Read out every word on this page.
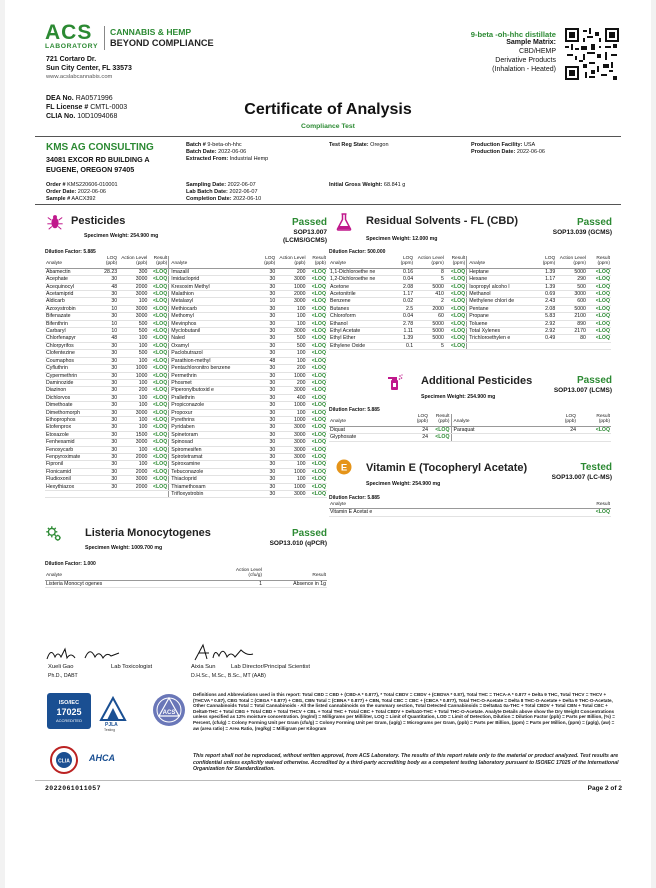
ACS
LABORATORY
CANNABIS & HEMP
BEYOND COMPLIANCE
721 Cortaro Dr.
Sun City Center, FL 33573
www.acslabcannabis.com
DEA No. RA0571996
FL License # CMTL-0003
CLIA No. 10D1094068	Certificate of Analysis
Compliance Test
9-beta -oh-hhc distillate
Sample Matrix:
CBD/HEMP
Derivative Products
(Inhalation - Heated)
KMS AG CONSULTING
34081 EXCOR RD BUILDING A
EUGENE, OREGON 97405
Batch # 9-beta-oh-hhc
Batch Date: 2022-06-06
Extracted From: Industrial Hemp
Test Reg State: Oregon	Production Facility: USA
Production Date: 2022-06-06
Order # KMS220606-010001
Order Date: 2022-06-06
Sample # AACX392
Sampling Date: 2022-06-07
Lab Batch Date: 2022-06-07
Completion Date: 2022-06-10
Initial Gross Weight: 68.841 g
Pesticides	Passed
SOP13.007
(LCMS/GCMS)
Specimen Weight: 254.900 mg
Dilution Factor: 5.885
Analyte	LOQ
(ppb)	Action Level
(ppb)	Result
(ppb)	Analyte	LOQ
(ppb)	Action Level
(ppb)	Result
(ppb)
Abamectin	28.23	300	<LOQ	Imazalil	30	200	<LOQ
Acephate	30	3000	<LOQ	Imidacloprid	30	3000	<LOQ
Acequinocyl	48	2000	<LOQ	Kresoxim Methyl	30	1000	<LOQ
Acetamiprid	30	3000	<LOQ	Malathion	30	2000	<LOQ
Aldicarb	30	100	<LOQ	Metalaxyl	10	3000	<LOQ
Azoxystrobin	10	3000	<LOQ	Methiocarb	30	100	<LOQ
Bifenazate	30	3000	<LOQ	Methomyl	30	100	<LOQ
Bifenthrin	10	500	<LOQ	Mevinphos	30	100	<LOQ
Carbaryl	10	500	<LOQ	Myclobutanil	30	3000	<LOQ
Chlorfenapyr	48	100	<LOQ	Naled	30	500	<LOQ
Chlorpyrifos	30	100	<LOQ	Oxamyl	30	500	<LOQ
Clofentezine	30	500	<LOQ	Paclobutrazol	30	100	<LOQ
Coumaphos	30	100	<LOQ	Parathion-methyl	48	100	<LOQ
Cyfluthrin	30	1000	<LOQ	Pentachloronitro benzene	30	200	<LOQ
Cypermethrin	30	1000	<LOQ	Permethrin	30	1000	<LOQ
Daminozide	30	100	<LOQ	Phosmet	30	200	<LOQ
Diazinon	30	200	<LOQ	Piperonylbutoxid e	30	3000	<LOQ
Dichlorvos	30	100	<LOQ	Prallethrin	30	400	<LOQ
Dimethoate	30	100	<LOQ	Propiconazole	30	1000	<LOQ
Dimethomorph	30	3000	<LOQ	Propoxur	30	100	<LOQ
Ethoprophos	30	100	<LOQ	Pyrethrins	30	1000	<LOQ
Etofenprox	30	100	<LOQ	Pyridaben	30	3000	<LOQ
Etoxazole	30	1500	<LOQ	Spinetoram	30	3000	<LOQ
Fenhexamid	30	3000	<LOQ	Spinosad	30	3000	<LOQ
Fenoxycarb	30	100	<LOQ	Spiromesifen	30	3000	<LOQ
Fenpyroximate	30	2000	<LOQ	Spirotetramat	30	3000	<LOQ
Fipronil	30	100	<LOQ	Spiroxamine	30	100	<LOQ
Flonicamid	30	2000	<LOQ	Tebuconazole	30	1000	<LOQ
Fludioxonil	30	3000	<LOQ	Thiacloprid	30	100	<LOQ
Hexythiazox	30	2000	<LOQ	Thiamethoxam	30	1000	<LOQ
				Trifloxystrobin	30	3000	<LOQ
Residual Solvents - FL (CBD)	Passed
SOP13.039 (GCMS)
Specimen Weight: 12.000 mg
Dilution Factor: 500.000
Analyte	LOQ
(ppm)	Action Level
(ppm)	Result
(ppm)	Analyte	LOQ
(ppm)	Action Level
(ppm)	Result
(ppm)
1,1-Dichloroethe ne	0.16	8	<LOQ	Heptane	1.39	5000	<LOQ
1,2-Dichloroethe ne	0.04	5	<LOQ	Hexane	1.17	290	<LOQ
Acetone	2.08	5000	<LOQ	Isopropyl alcoho l	1.39	500	<LOQ
Acetonitrile	1.17	410	<LOQ	Methanol	0.69	3000	<LOQ
Benzene	0.02	2	<LOQ	Methylene chlori de	2.43	600	<LOQ
Butanes	2.5	2000	<LOQ	Pentane	2.08	5000	<LOQ
Chloroform	0.04	60	<LOQ	Propane	5.83	2100	<LOQ
Ethanol	2.78	5000	<LOQ	Toluene	2.92	890	<LOQ
Ethyl Acetate	1.11	5000	<LOQ	Total Xylenes	2.92	2170	<LOQ
Ethyl Ether	1.39	5000	<LOQ	Trichloroethylen e	0.49	80	<LOQ
Ethylene Oxide	0.1	5	<LOQ				
Additional Pesticides	Passed
SOP13.007 (LCMS)
Specimen Weight: 254.900 mg
Dilution Factor: 5.885
Analyte	LOQ
(ppb)	Result
(ppb)	Analyte	LOQ
(ppb)	Result
(ppb)
Diquat	24	<LOQ	Paraquat	24	<LOQ
Glyphosate	24	<LOQ			
E Vitamin E (Tocopheryl Acetate)	Tested
SOP13.007 (LC-MS)
Specimen Weight: 254.900 mg
Dilution Factor: 5.885
Analyte	Result
Vitamin E Acetat e	<LOQ
Listeria Monocytogenes	Passed
SOP13.010 (qPCR)
Specimen Weight: 1009.700 mg
Dilution Factor: 1.000
Analyte	Action Level
(cfu/g)	Result
Listeria Monocyt ogenes	1	Absence in 1g
Xueli Gao	Lab Toxicologist
Ph.D., DABT
Aixia Sun	Lab Director/Principal Scientist
D.H.Sc., M.Sc., B.Sc., MT (AAB)
ISO/IEC
17025
ACCREDITED
PJLA
Testing
ACS
CLIA AHCA
Definitions and Abbreviations used in this report: Total CBD = CBD + (CBD-A * 0.877), * Total CBDV = CBDV + (CBDVA * 0.87), Total THC = THCA-A * 0.877 + Delta 9 THC, Total THCV = THCV + (THCVA * 0.87), CBG Total = (CBGA * 0.877) + CBG, CBN Total = (CBNA * 0.877) + CBN, Total CBC = CBC + (CBCA * 0.877), Total THC-O-Acetate = Delta 8 THC-O-Acetate + Delta 9 THC-O-Acetate, Other Cannabinoids Total = Total Cannabinoids - All the listed cannabinoids on the summary section, Total Detected Cannabinoids = Delta8a1 0a-THC + Total CBDV + Total CBN + Total CBC + Delta8-THC + Total CBG + Total CBD + Total THCV + CBL + Total THC + Total CBC + Total CBDV + Delta10-THC + Total THC-O-Acetate. Analyte Details above show the Dry Weight Concentrations unless specified as 12% moisture concentration. (mg/ml) = Milligrams per Milliliter, LOQ = Limit of Quantitation, LOD = Limit of Detection, Dilution = Dilution Factor (ppb) = Parts per Billion, (%) = Percent, (cfu/g) = Colony Forming Unit per Gram (cfu/g) = Colony Forming Unit per Gram, (ug/g) = Micrograms per Gram, (ppb) = Parts per Billion, (ppm) = Parts per Million, (ppm) = (µg/g), (aw) = aw (area ratio) = Area Ratio, (mg/kg) = Milligram per Kilogram
This report shall not be reproduced, without written approval, from ACS Laboratory. The results of this report relate only to the material or product analyzed. Test results are confidential unless explicitly waived otherwise. Accredited by a third-party accrediting body as a competent testing laboratory pursuant to ISO/IEC 17025 of the International Organization for Standardization.
2022061011057	Page 2 of 2
